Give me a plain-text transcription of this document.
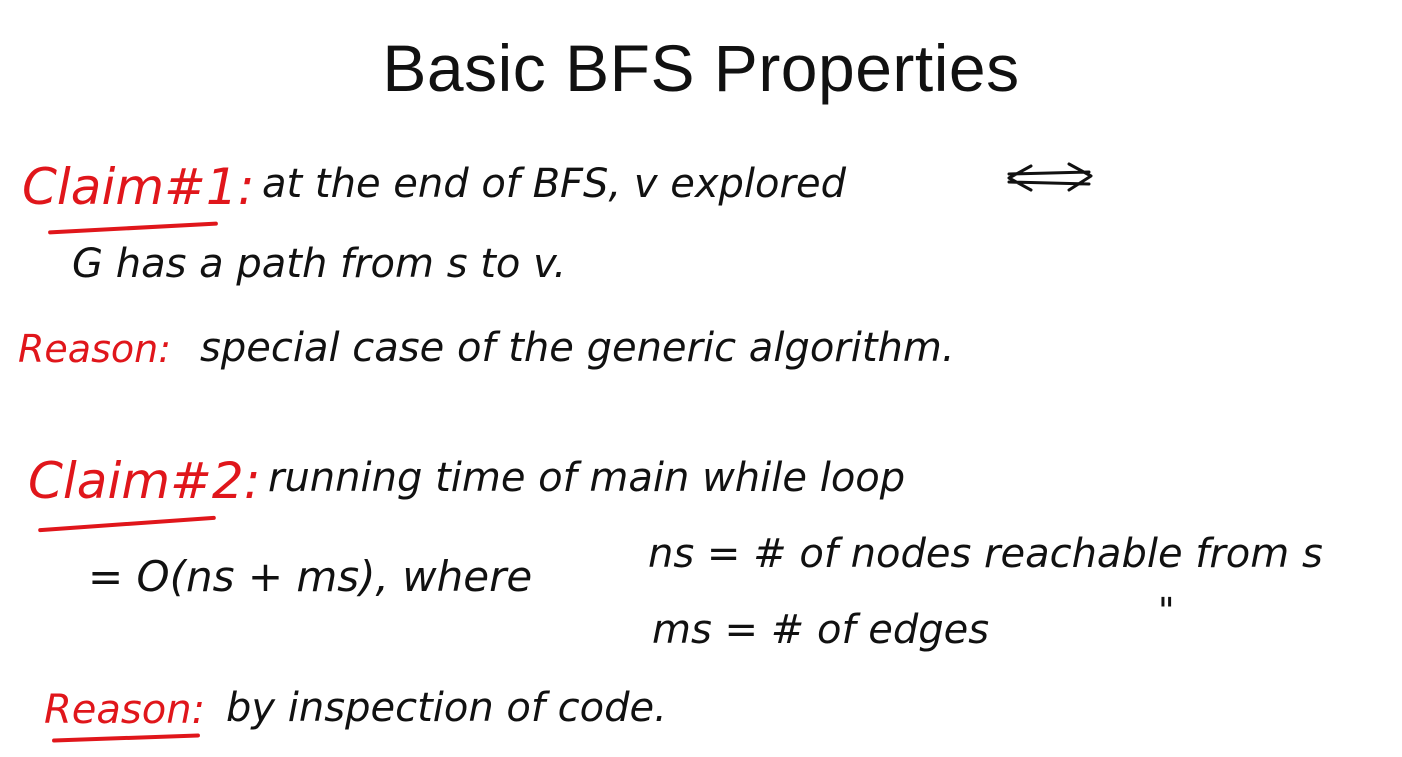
Basic BFS Properties
Claim#1: at the end of BFS, v explored
G has a path from s to v.
Reason: special case of the generic algorithm.
Claim#2: running time of main while loop
= O(ns + ms), where	ns = # of nodes reachable from s
ms = # of edges	"
Reason: by inspection of code.
